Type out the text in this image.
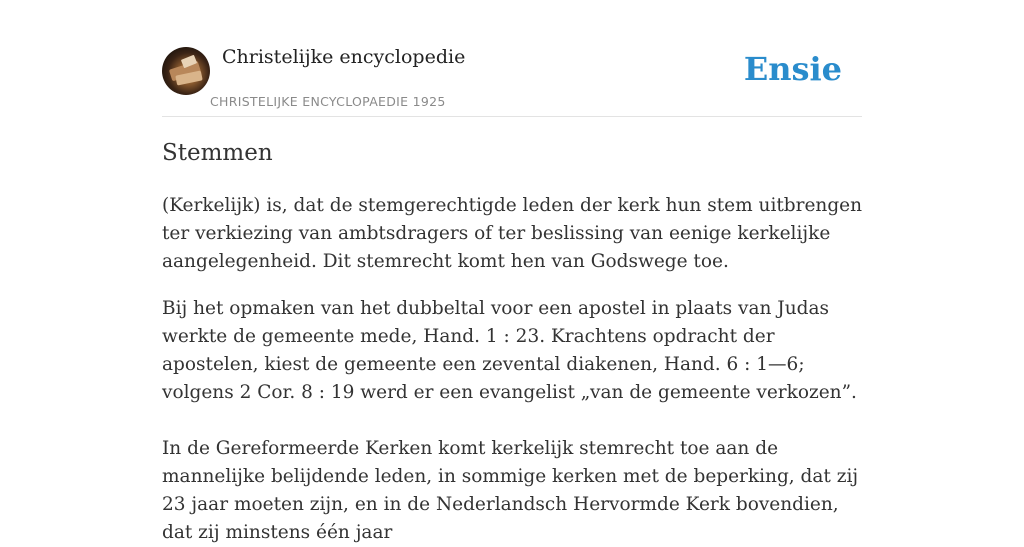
Christelijke encyclopedie
CHRISTELIJKE ENCYCLOPAEDIE 1925
Ensie
Stemmen

(Kerkelijk) is, dat de stemgerechtigde leden der kerk hun stem uitbrengen ter verkiezing van ambtsdragers of ter beslissing van eenige kerkelijke aangelegenheid. Dit stemrecht komt hen van Godswege toe.

Bij het opmaken van het dubbeltal voor een apostel in plaats van Judas werkte de gemeente mede, Hand. 1 : 23. Krachtens opdracht der apostelen, kiest de gemeente een zevental diakenen, Hand. 6 : 1—6; volgens 2 Cor. 8 : 19 werd er een evangelist „van de gemeente verkozen”.

In de Gereformeerde Kerken komt kerkelijk stemrecht toe aan de mannelijke belijdende leden, in sommige kerken met de beperking, dat zij 23 jaar moeten zijn, en in de Nederlandsch Hervormde Kerk bovendien, dat zij minstens één jaar
